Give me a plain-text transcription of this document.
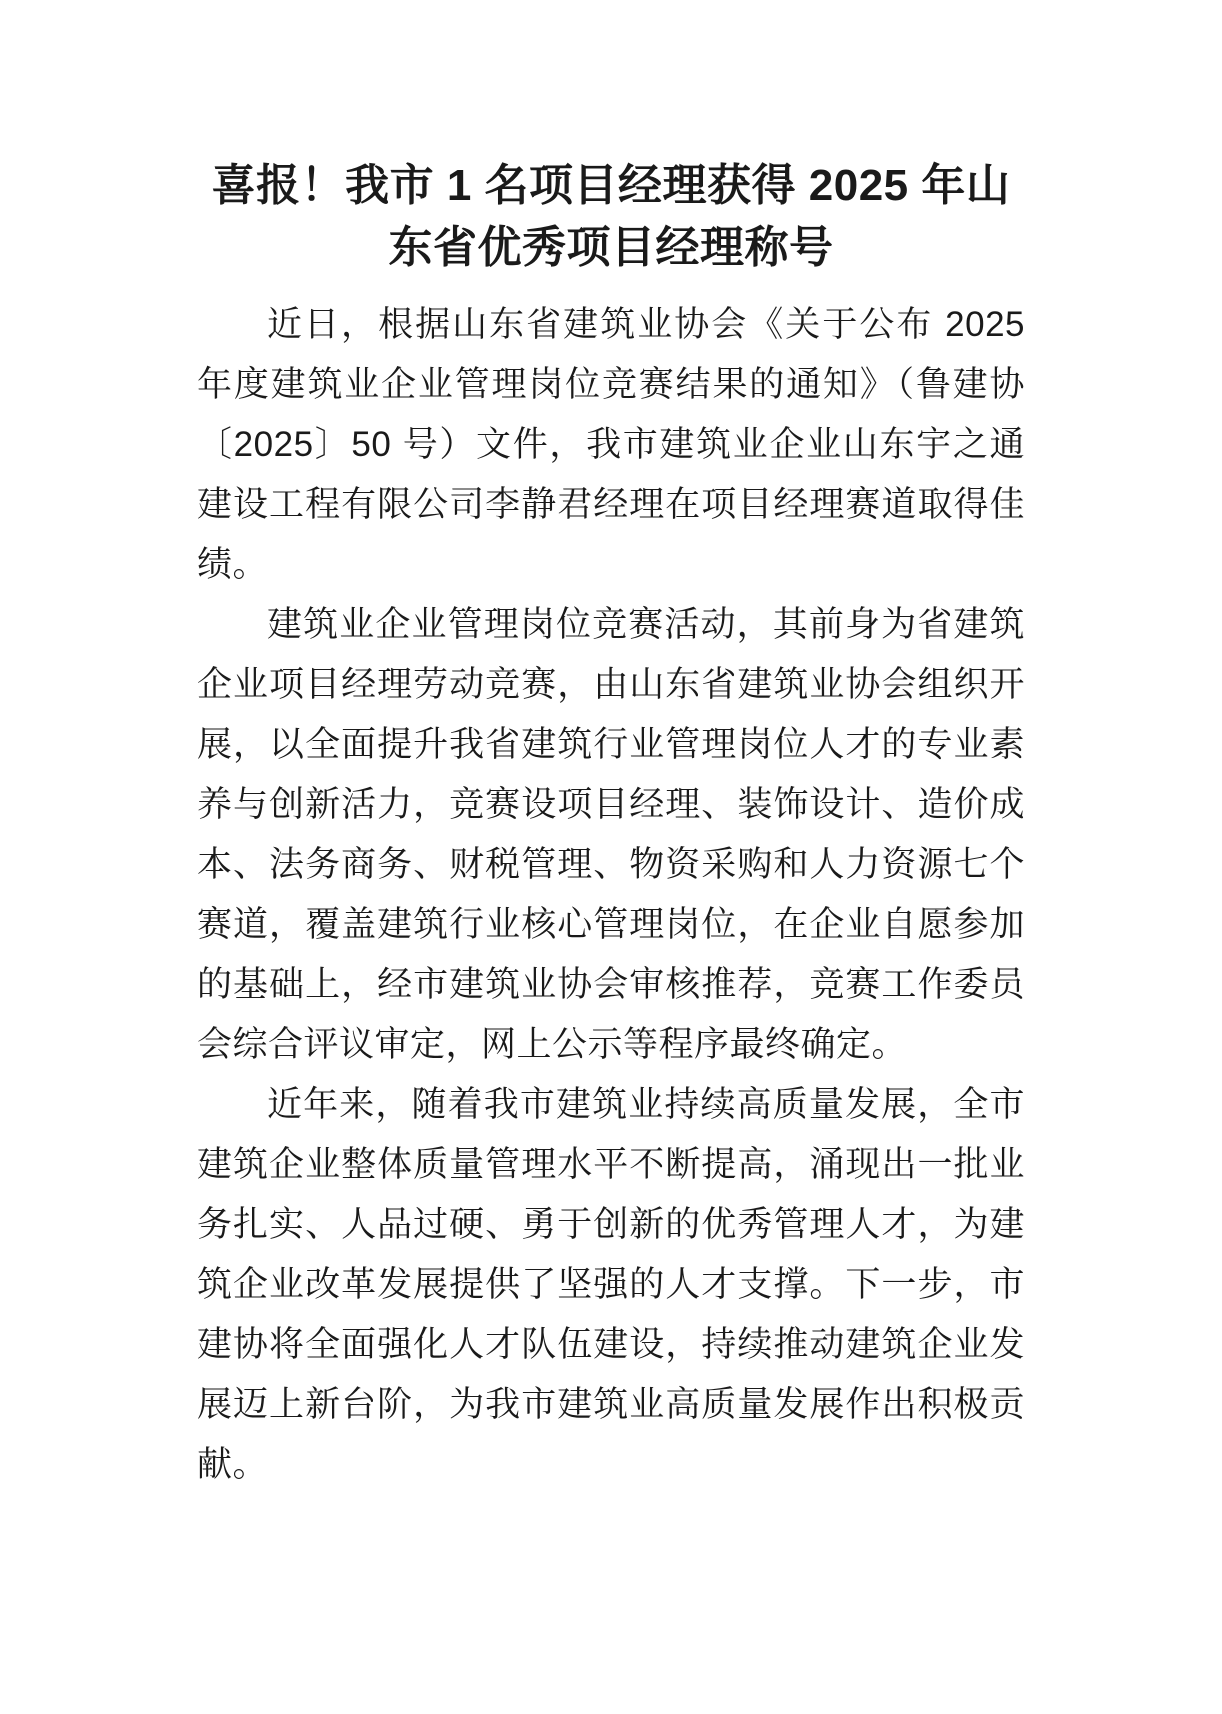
喜报！我市 1 名项目经理获得 2025 年山东省优秀项目经理称号

近日，根据山东省建筑业协会《关于公布 2025 年度建筑业企业管理岗位竞赛结果的通知》（鲁建协〔2025〕50 号）文件，我市建筑业企业山东宇之通建设工程有限公司李静君经理在项目经理赛道取得佳绩。

建筑业企业管理岗位竞赛活动，其前身为省建筑企业项目经理劳动竞赛，由山东省建筑业协会组织开展，以全面提升我省建筑行业管理岗位人才的专业素养与创新活力，竞赛设项目经理、装饰设计、造价成本、法务商务、财税管理、物资采购和人力资源七个赛道，覆盖建筑行业核心管理岗位，在企业自愿参加的基础上，经市建筑业协会审核推荐，竞赛工作委员会综合评议审定，网上公示等程序最终确定。

近年来，随着我市建筑业持续高质量发展，全市建筑企业整体质量管理水平不断提高，涌现出一批业务扎实、人品过硬、勇于创新的优秀管理人才，为建筑企业改革发展提供了坚强的人才支撑。下一步，市建协将全面强化人才队伍建设，持续推动建筑企业发展迈上新台阶，为我市建筑业高质量发展作出积极贡献。
